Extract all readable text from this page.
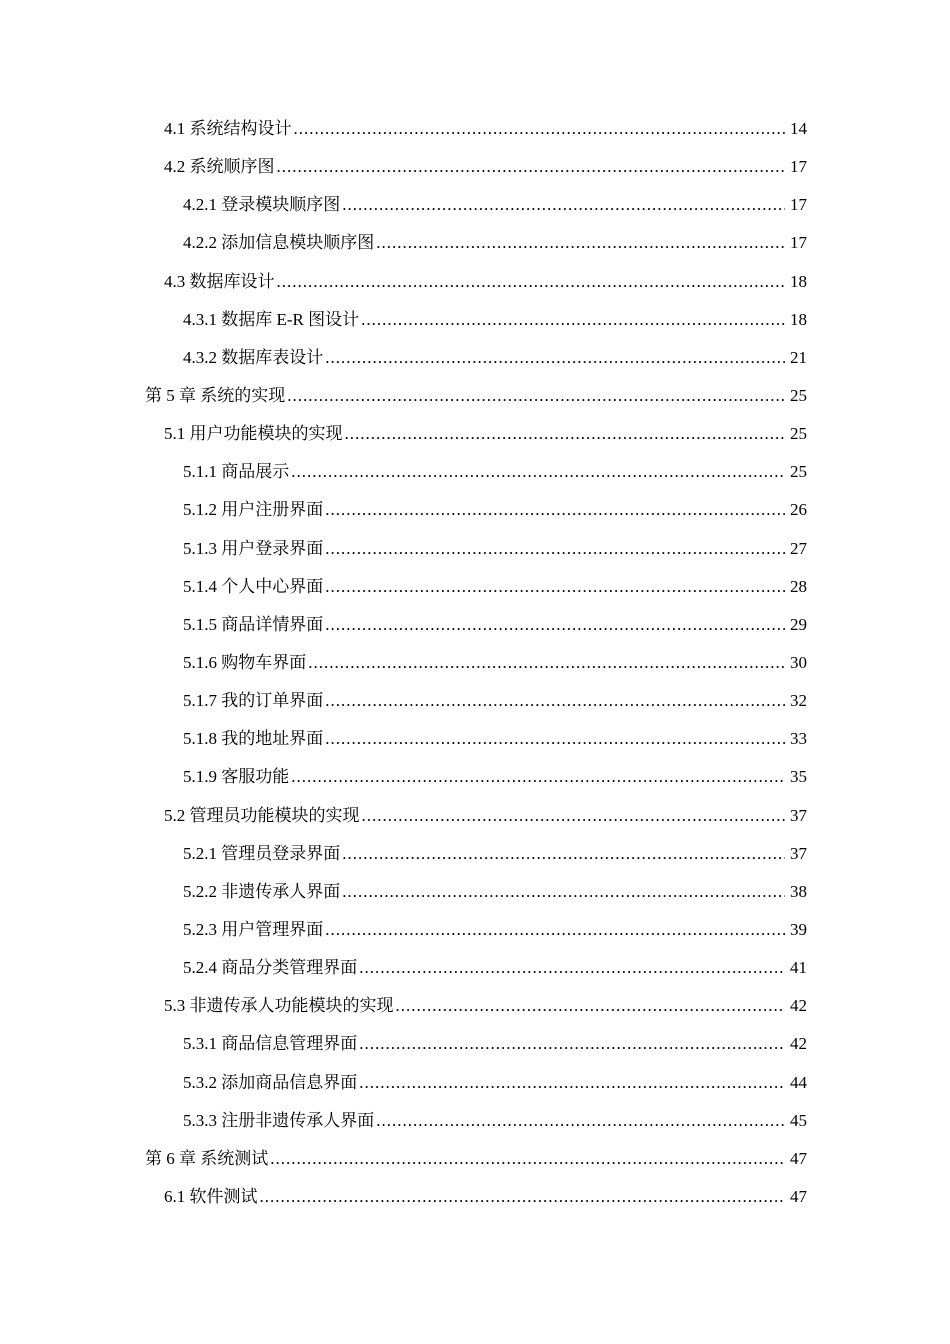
4.1 系统结构设计 .....	14
4.2 系统顺序图 .....	17
4.2.1 登录模块顺序图 .....	17
4.2.2 添加信息模块顺序图 .....	17
4.3 数据库设计 .....	18
4.3.1 数据库 E-R 图设计 .....	18
4.3.2 数据库表设计 .....	21
第 5 章 系统的实现 .....	25
5.1 用户功能模块的实现 .....	25
5.1.1 商品展示 .....	25
5.1.2 用户注册界面 .....	26
5.1.3 用户登录界面 .....	27
5.1.4 个人中心界面 .....	28
5.1.5 商品详情界面 .....	29
5.1.6 购物车界面 .....	30
5.1.7 我的订单界面 .....	32
5.1.8 我的地址界面 .....	33
5.1.9 客服功能 .....	35
5.2 管理员功能模块的实现 .....	37
5.2.1 管理员登录界面 .....	37
5.2.2 非遗传承人界面 .....	38
5.2.3 用户管理界面 .....	39
5.2.4 商品分类管理界面 .....	41
5.3 非遗传承人功能模块的实现 .....	42
5.3.1 商品信息管理界面 .....	42
5.3.2 添加商品信息界面 .....	44
5.3.3 注册非遗传承人界面 .....	45
第 6 章 系统测试 .....	47
6.1 软件测试 .....	47
